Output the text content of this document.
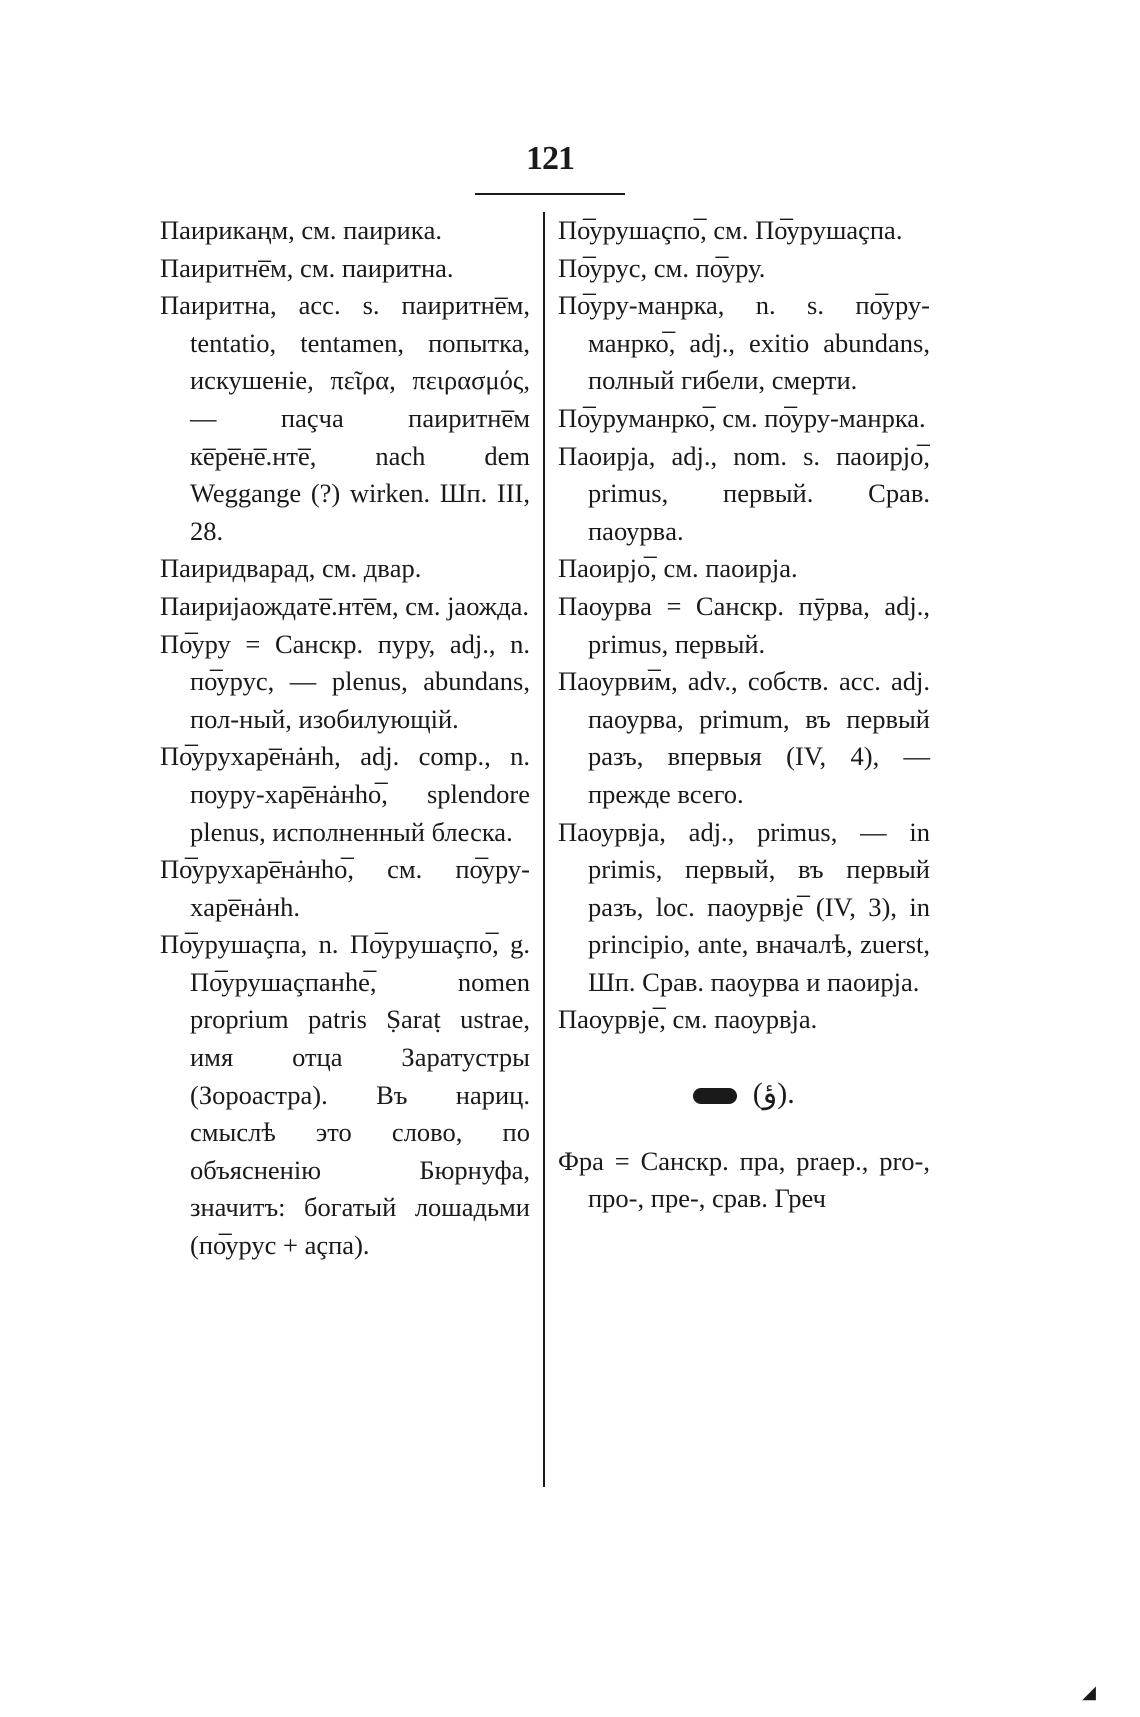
121

Пaирикaңм, см. пaирикa.

Пaиритнe̅м, см. пaиритнa.

Пaиритнa, acc. s. пaиритнe̅м, tentatio, tentamen, попытка, искушеніе, πεῖρα, πειρασμός, — пaçчa пaиритнe̅м кe̅рe̅нe̅.нтe̅, nach dem Weggange (?) wirken. Шп. III, 28.

Пaиридвaрaд, см. двaр.

Пaиријaождaтe̅.нтe̅м, см. јaождa.

По̅уру = Санскр. пуру, adj., n. по̅урус, — plenus, abundans, пол-ный, изобилующій.

По̅уруxaрe̅нȧнh, adj. comp., n. поуру-xaрe̅нȧнhо̅, splendore plenus, исполненный блеска.

По̅уруxaрe̅нȧнhо̅, см. по̅уру-xaрe̅нȧнh.

По̅урушaçпa, n. По̅урушaçпо̅, g. По̅урушaçпaнhе̅, nomen proprium patris Ṣaraṭ ustrae, имя отца Заратустры (Зороастра). Въ нариц. смыслѣ это слово, по объясненію Бюрнуфа, значитъ: богатый лошадьми (по̅урус + açпa).

По̅урушaçпо̅, см. По̅урушaçпa.

По̅урус, см. по̅уру.

По̅уру-мaнрка, n. s. по̅уру-мaнрко̅, adj., exitio abundans, полный гибели, смерти.

По̅урумaнрко̅, см. по̅уру-мaнрка.

Пaоирјa, adj., nom. s. пaоирјо̅, primus, первый. Срав. пaоуpвa.

Пaоирјо̅, см. пaоирјa.

Пaоуpвa = Санскр. пӯрва, adj., primus, первый.

Пaоуpви̅м, adv., собств. acc. adj. пaоуpвa, primum, въ первый разъ, впервыя (IV, 4), — прежде всего.

Пaоуpвјa, adj., primus, — in primis, первый, въ первый разъ, loc. пaоуpвје̅ (IV, 3), in principio, ante, вначалѣ, zuerst, Шп. Срав. пaоуpвa и пaоирјa.

Пaоуpвје̅, см. пaоуpвјa.

(ؤ).

Фрa = Санскр. прa, praep., pro-, про-, пре-, срав. Греч

◢
